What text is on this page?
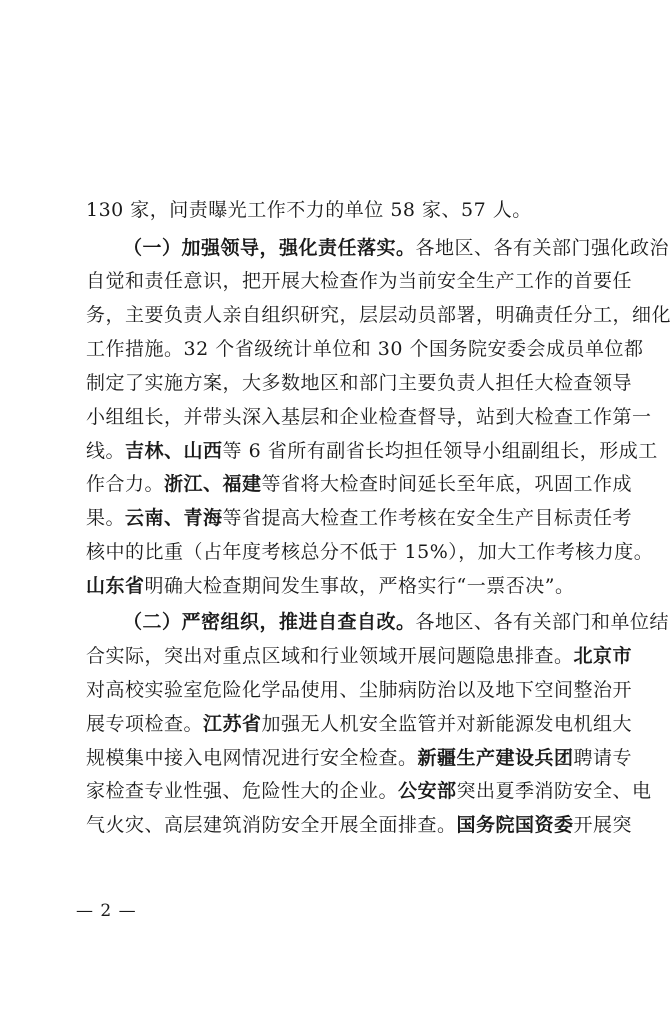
130 家，问责曝光工作不力的单位 58 家、57 人。
（一）加强领导，强化责任落实。各地区、各有关部门强化政治
自觉和责任意识，把开展大检查作为当前安全生产工作的首要任
务，主要负责人亲自组织研究，层层动员部署，明确责任分工，细化
工作措施。32 个省级统计单位和 30 个国务院安委会成员单位都
制定了实施方案，大多数地区和部门主要负责人担任大检查领导
小组组长，并带头深入基层和企业检查督导，站到大检查工作第一
线。吉林、山西等 6 省所有副省长均担任领导小组副组长，形成工
作合力。浙江、福建等省将大检查时间延长至年底，巩固工作成
果。云南、青海等省提高大检查工作考核在安全生产目标责任考
核中的比重（占年度考核总分不低于 15%），加大工作考核力度。
山东省明确大检查期间发生事故，严格实行“一票否决”。
（二）严密组织，推进自查自改。各地区、各有关部门和单位结
合实际，突出对重点区域和行业领域开展问题隐患排查。北京市
对高校实验室危险化学品使用、尘肺病防治以及地下空间整治开
展专项检查。江苏省加强无人机安全监管并对新能源发电机组大
规模集中接入电网情况进行安全检查。新疆生产建设兵团聘请专
家检查专业性强、危险性大的企业。公安部突出夏季消防安全、电
气火灾、高层建筑消防安全开展全面排查。国务院国资委开展突
— 2 —
